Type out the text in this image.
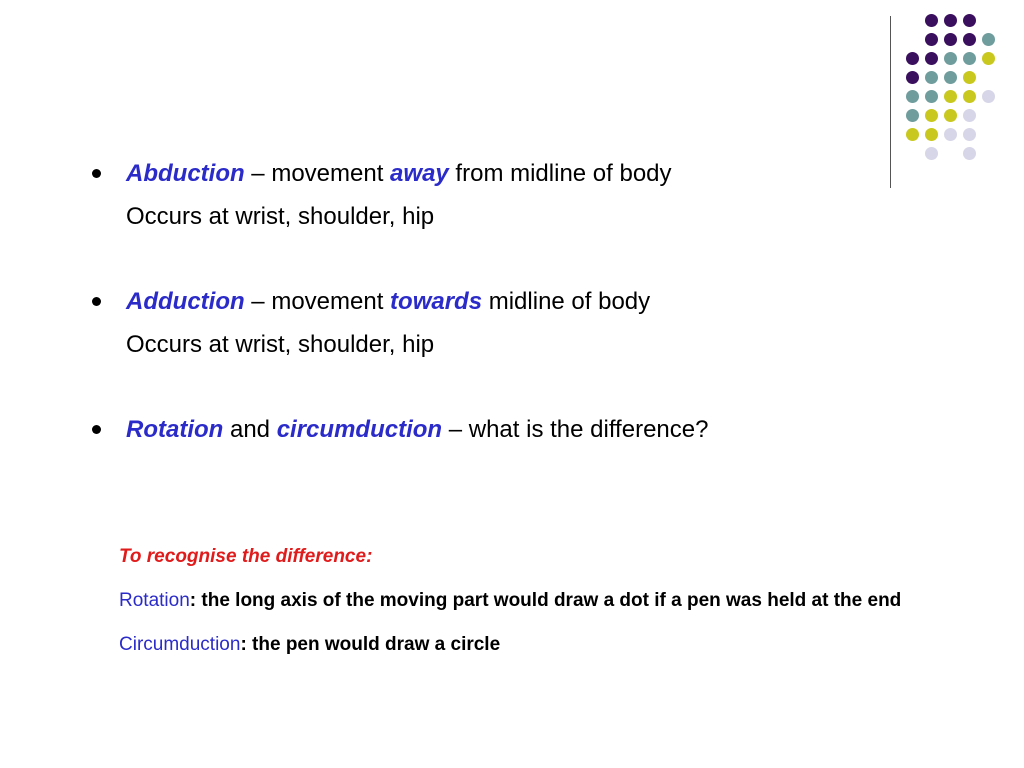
Abduction – movement away from midline of body
Occurs at wrist, shoulder, hip
Adduction – movement towards midline of body
Occurs at wrist, shoulder, hip
Rotation and circumduction – what is the difference?
To recognise the difference:
Rotation: the long axis of the moving part would draw a dot if a pen was held at the end
Circumduction: the pen would draw a circle
